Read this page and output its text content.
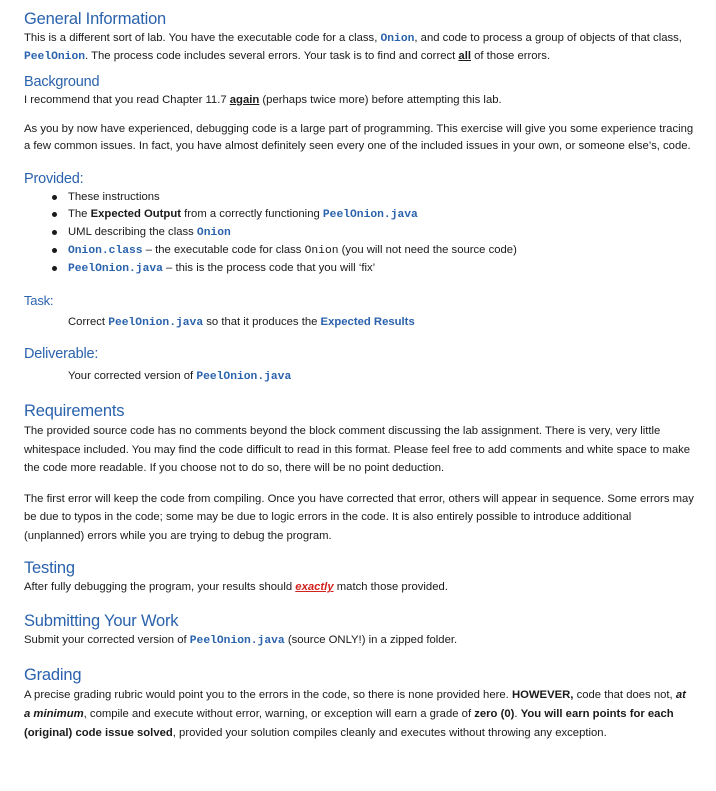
General Information

This is a different sort of lab. You have the executable code for a class, Onion, and code to process a group of objects of that class, PeelOnion. The process code includes several errors. Your task is to find and correct all of those errors.

Background

I recommend that you read Chapter 11.7 again (perhaps twice more) before attempting this lab.

As you by now have experienced, debugging code is a large part of programming. This exercise will give you some experience tracing a few common issues. In fact, you have almost definitely seen every one of the included issues in your own, or someone else’s, code.

Provided:
These instructions
The Expected Output from a correctly functioning PeelOnion.java
UML describing the class Onion
Onion.class – the executable code for class Onion (you will not need the source code)
PeelOnion.java – this is the process code that you will ‘fix’
Task:

Correct PeelOnion.java so that it produces the Expected Results

Deliverable:

Your corrected version of PeelOnion.java

Requirements

The provided source code has no comments beyond the block comment discussing the lab assignment. There is very, very little whitespace included. You may find the code difficult to read in this format. Please feel free to add comments and white space to make the code more readable. If you choose not to do so, there will be no point deduction.

The first error will keep the code from compiling. Once you have corrected that error, others will appear in sequence. Some errors may be due to typos in the code; some may be due to logic errors in the code. It is also entirely possible to introduce additional (unplanned) errors while you are trying to debug the program.

Testing

After fully debugging the program, your results should exactly match those provided.

Submitting Your Work

Submit your corrected version of PeelOnion.java (source ONLY!) in a zipped folder.

Grading

A precise grading rubric would point you to the errors in the code, so there is none provided here. HOWEVER, code that does not, at a minimum, compile and execute without error, warning, or exception will earn a grade of zero (0). You will earn points for each (original) code issue solved, provided your solution compiles cleanly and executes without throwing any exception.
